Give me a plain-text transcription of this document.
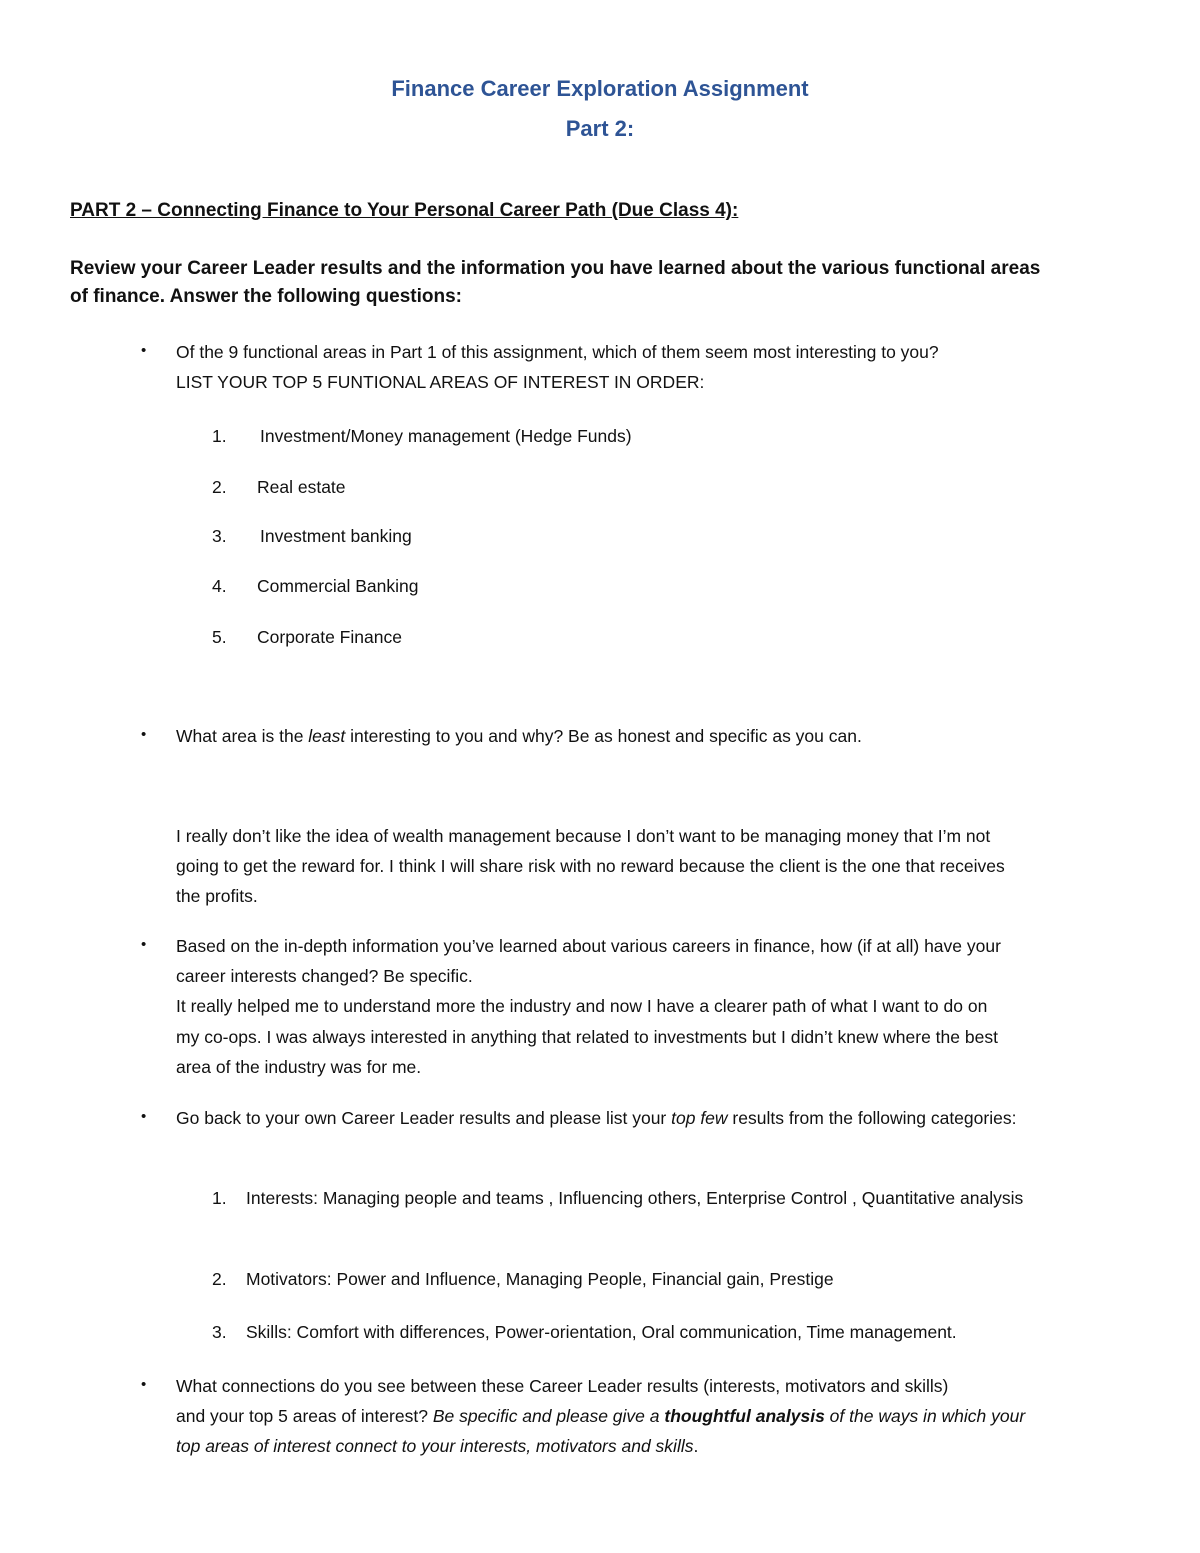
Finance Career Exploration Assignment
Part 2:
PART 2 – Connecting Finance to Your Personal Career Path (Due Class 4):
Review your Career Leader results and the information you have learned about the various functional areas
of finance. Answer the following questions:
• Of the 9 functional areas in Part 1 of this assignment, which of them seem most interesting to you?
LIST YOUR TOP 5 FUNTIONAL AREAS OF INTEREST IN ORDER:
1. Investment/Money management (Hedge Funds)
2. Real estate
3. Investment banking
4. Commercial Banking
5. Corporate Finance
• What area is the least interesting to you and why? Be as honest and specific as you can.
I really don’t like the idea of wealth management because I don’t want to be managing money that I’m not
going to get the reward for. I think I will share risk with no reward because the client is the one that receives
the profits.
• Based on the in-depth information you’ve learned about various careers in finance, how (if at all) have your
career interests changed? Be specific.
It really helped me to understand more the industry and now I have a clearer path of what I want to do on
my co-ops. I was always interested in anything that related to investments but I didn’t knew where the best
area of the industry was for me.
• Go back to your own Career Leader results and please list your top few results from the following categories:
1. Interests: Managing people and teams , Influencing others, Enterprise Control , Quantitative analysis
2. Motivators: Power and Influence, Managing People, Financial gain, Prestige
3. Skills: Comfort with differences, Power-orientation, Oral communication, Time management.
• What connections do you see between these Career Leader results (interests, motivators and skills)
and your top 5 areas of interest? Be specific and please give a thoughtful analysis of the ways in which your
top areas of interest connect to your interests, motivators and skills.
